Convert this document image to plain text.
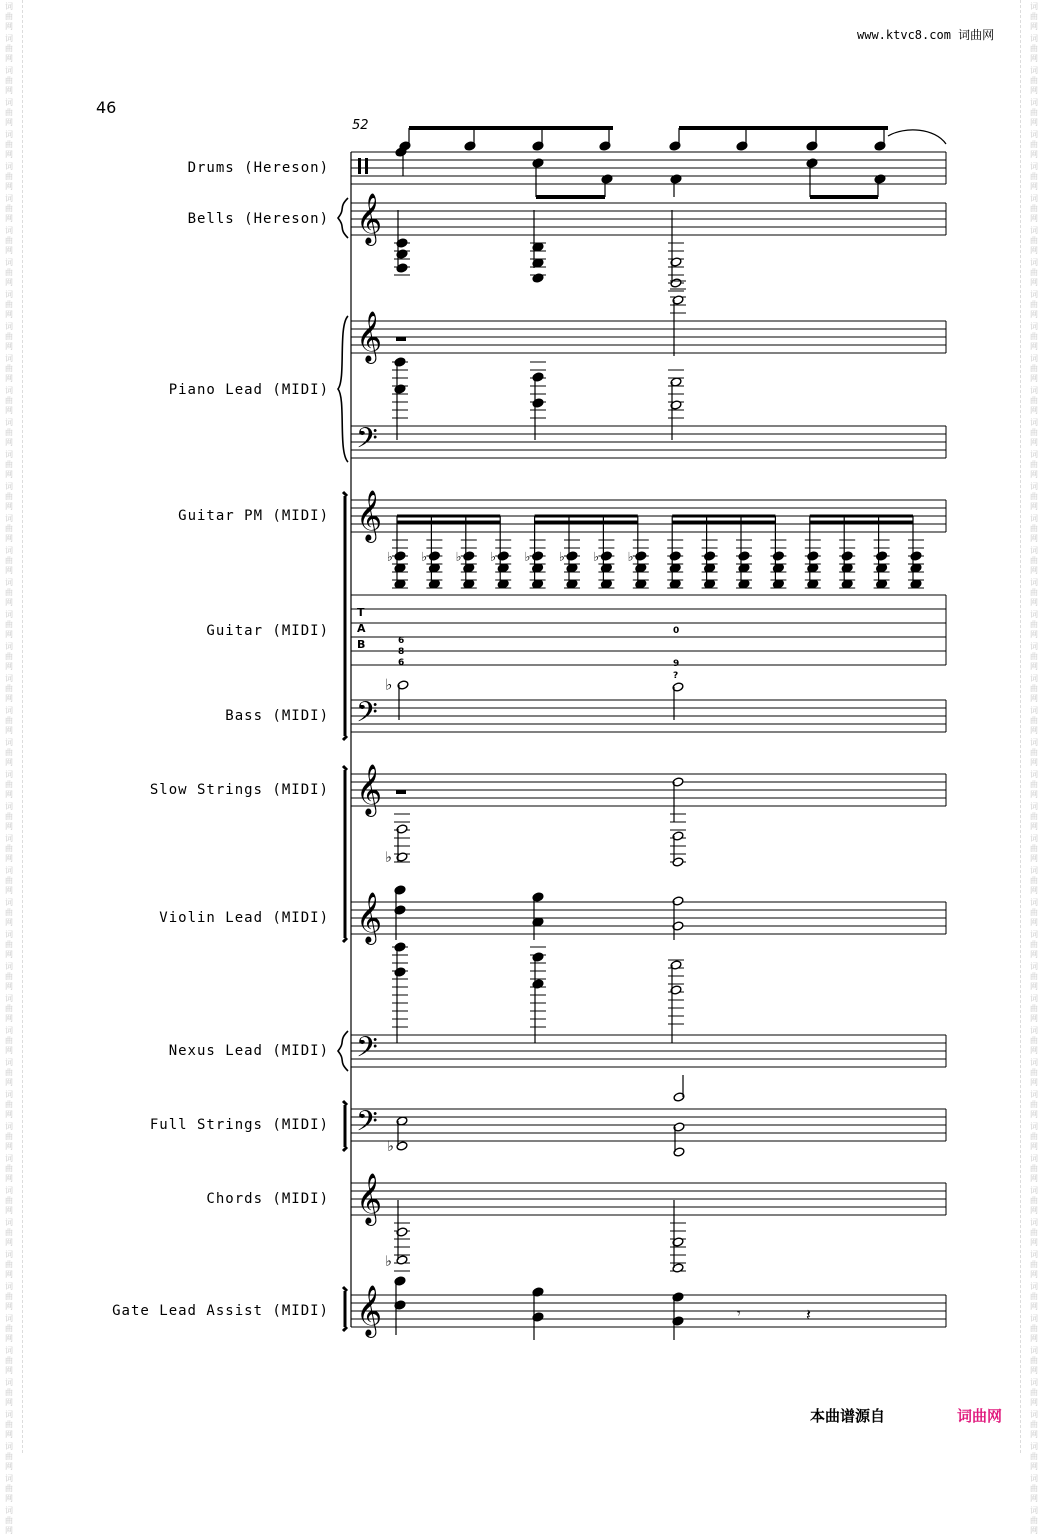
词
曲
网
词
曲
网
词
曲
网
词
曲
网
词
曲
网
词
曲
网
词
曲
网
词
曲
网
词
曲
网
词
曲
网
词
曲
网
词
曲
网
词
曲
网
词
曲
网
词
曲
网
词
曲
网
词
曲
网
词
曲
网
词
曲
网
词
曲
网
词
曲
网
词
曲
网
词
曲
网
词
曲
网
词
曲
网
词
曲
网
词
曲
网
词
曲
网
词
曲
网
词
曲
网
词
曲
网
词
曲
网
词
曲
网
词
曲
网
词
曲
网
词
曲
网
词
曲
网
词
曲
网
词
曲
网
词
曲
网
词
曲
网
词
曲
网
词
曲
网
词
曲
网
词
曲
网
词
曲
网
词
曲
网
词
曲
网
词
曲
网
词
曲
网
词
曲
网
词
曲
网
词
曲
网
词
曲
网
词
曲
网
词
曲
网
词
曲
网
词
曲
网
词
曲
网
词
曲
网
词
曲
网
词
曲
网
词
曲
网
词
曲
网
词
曲
网
词
曲
网
词
曲
网
词
曲
网
词
曲
网
词
曲
网
词
曲
网
词
曲
网
词
曲
网
词
曲
网
词
曲
网
词
曲
网
词
曲
网
词
曲
网
词
曲
网
词
曲
网
词
曲
网
词
曲
网
词
曲
网
词
曲
网
词
曲
网
词
曲
网
词
曲
网
词
曲
网
词
曲
网
词
曲
网
词
曲
网
词
曲
网
词
曲
网
词
曲
网
词
曲
网
词
曲
网
www.ktvc8.com 词曲网
46
52
Drums (Hereson)
Bells (Hereson)
Piano Lead (MIDI)
Guitar PM (MIDI)
Guitar (MIDI)
Bass (MIDI)
Slow Strings (MIDI)
Violin Lead (MIDI)
Nexus Lead (MIDI)
Full Strings (MIDI)
Chords (MIDI)
Gate Lead Assist (MIDI)
𝄞
𝄞
𝄞
𝄞
𝄞
𝄞
𝄞
𝄢
𝄢
𝄢
𝄢
♭ ♭ ♭ ♭ ♭ ♭ ♭ ♭
♭
♭
♭
♭
𝄾	𝄽
T
A
B	6
8
6
0
9
?
本曲谱源自	词曲网
